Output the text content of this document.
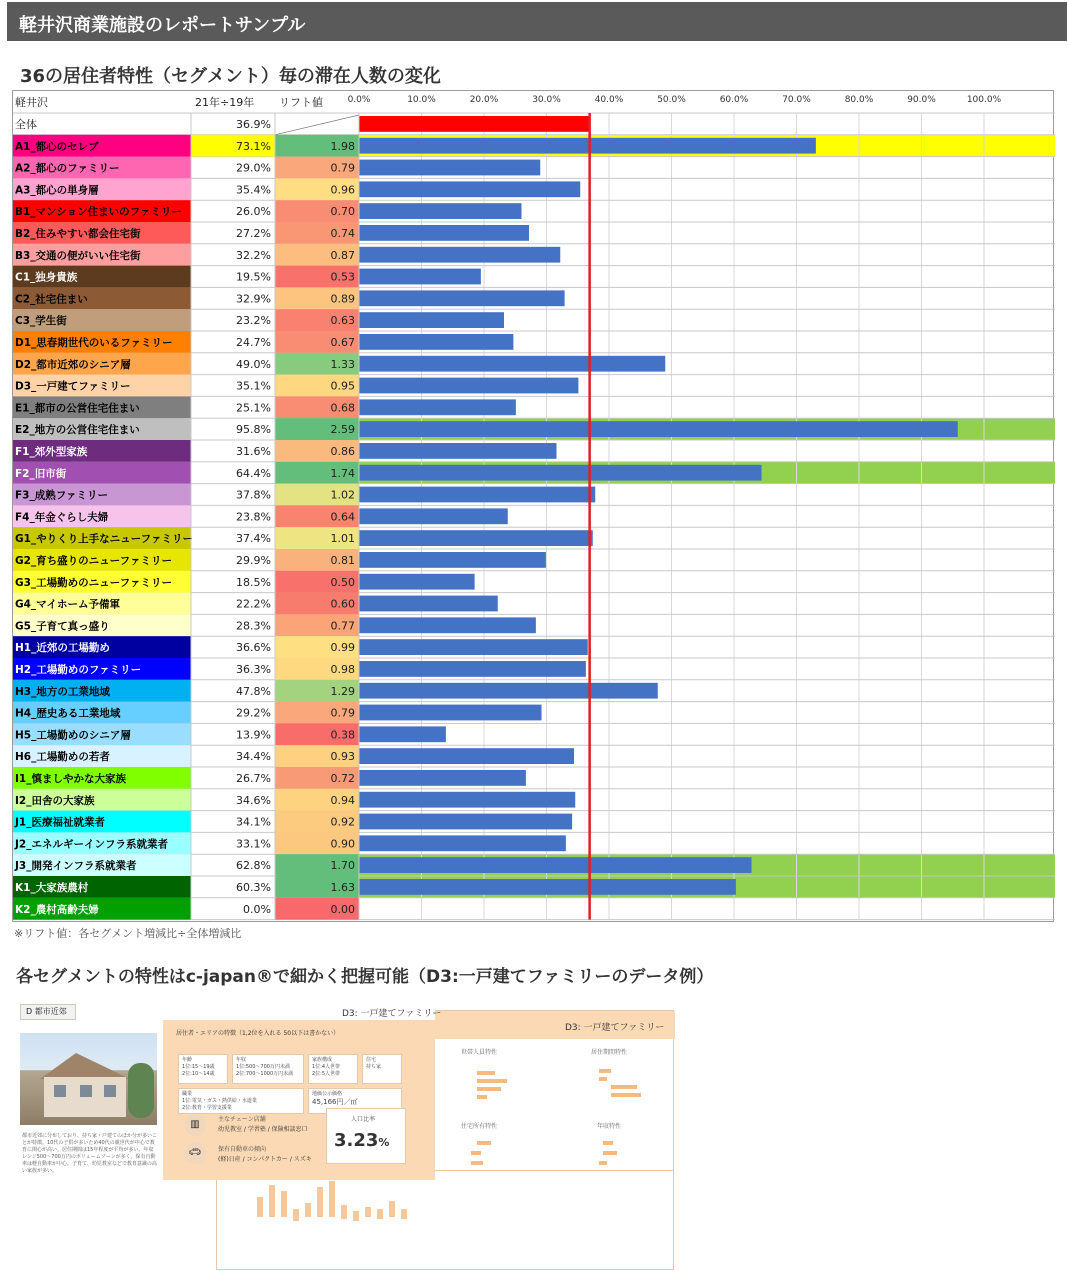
軽井沢商業施設のレポートサンプル
36の居住者特性（セグメント）毎の滞在人数の変化
軽井沢	21年÷19年 リフト値	0.0%	10.0%	20.0%	30.0%	40.0%	50.0%	60.0%	70.0%	80.0%	90.0%	100.0%
全体	36.9%
A1_都心のセレブ	73.1%	1.98
A2_都心のファミリー	29.0%	0.79
A3_都心の単身層	35.4%	0.96
B1_マンション住まいのファミリー	26.0%	0.70
B2_住みやすい都会住宅街	27.2%	0.74
B3_交通の便がいい住宅街	32.2%	0.87
C1_独身貴族	19.5%	0.53
C2_社宅住まい	32.9%	0.89
C3_学生街	23.2%	0.63
D1_思春期世代のいるファミリー	24.7%	0.67
D2_都市近郊のシニア層	49.0%	1.33
D3_一戸建てファミリー	35.1%	0.95
E1_都市の公営住宅住まい	25.1%	0.68
E2_地方の公営住宅住まい	95.8%	2.59
F1_郊外型家族	31.6%	0.86
F2_旧市街	64.4%	1.74
F3_成熟ファミリー	37.8%	1.02
F4_年金ぐらし夫婦	23.8%	0.64
G1_やりくり上手なニューファミリー	37.4%	1.01
G2_育ち盛りのニューファミリー	29.9%	0.81
G3_工場勤めのニューファミリー	18.5%	0.50
G4_マイホーム予備軍	22.2%	0.60
G5_子育て真っ盛り	28.3%	0.77
H1_近郊の工場勤め	36.6%	0.99
H2_工場勤めのファミリー	36.3%	0.98
H3_地方の工業地域	47.8%	1.29
H4_歴史ある工業地域	29.2%	0.79
H5_工場勤めのシニア層	13.9%	0.38
H6_工場勤めの若者	34.4%	0.93
I1_慎ましやかな大家族	26.7%	0.72
I2_田舎の大家族	34.6%	0.94
J1_医療福祉就業者	34.1%	0.92
J2_エネルギーインフラ系就業者	33.1%	0.90
J3_開発インフラ系就業者	62.8%	1.70
K1_大家族農村	60.3%	1.63
K2_農村高齢夫婦	0.0%	0.00
※リフト値：各セグメント増減比÷全体増減比
各セグメントの特性はc-japan®で細かく把握可能（D3:一戸建てファミリーのデータ例）
D3: 一戸建てファミリー
世帯人員特性	居住期間特性
住宅所有特性	年収特性
D 都市近郊	D3: 一戸建てファミリー
都市近郊に分布しており、持ち家・戸建てのほか分が多いことが特徴。10代の子供が多いため40代の親世代が中心で教育に関心が高い。居住期間は15年程度が平均が多い。年収レンジ500〜700万円のボリュームゾーンが多く、保有自動車は軽自動車が中心。子育て、幼児教室などで教育意識の高い家族が多い。
居住者・エリアの特徴（1,2位を入れる 50以下は書かない）
年齢
1位:15〜19歳
2位:10〜14歳
年収
1位:500〜700万円未満
2位:700〜1000万円未満
家族構成
1位:4人世帯
2位:5人世帯
住宅
持ち家
職業
1位:電気・ガス・熱供給・水道業
2位:教育・学習支援業
地価公示価格
45,166円／㎡
▥	主なチェーン店舗
幼児教室 / 学習塾 / 保険相談窓口
🚗︎	保有自動車の傾向
(軽)日産 / コンパクトカー / スズキ
人口比率
3.23%
